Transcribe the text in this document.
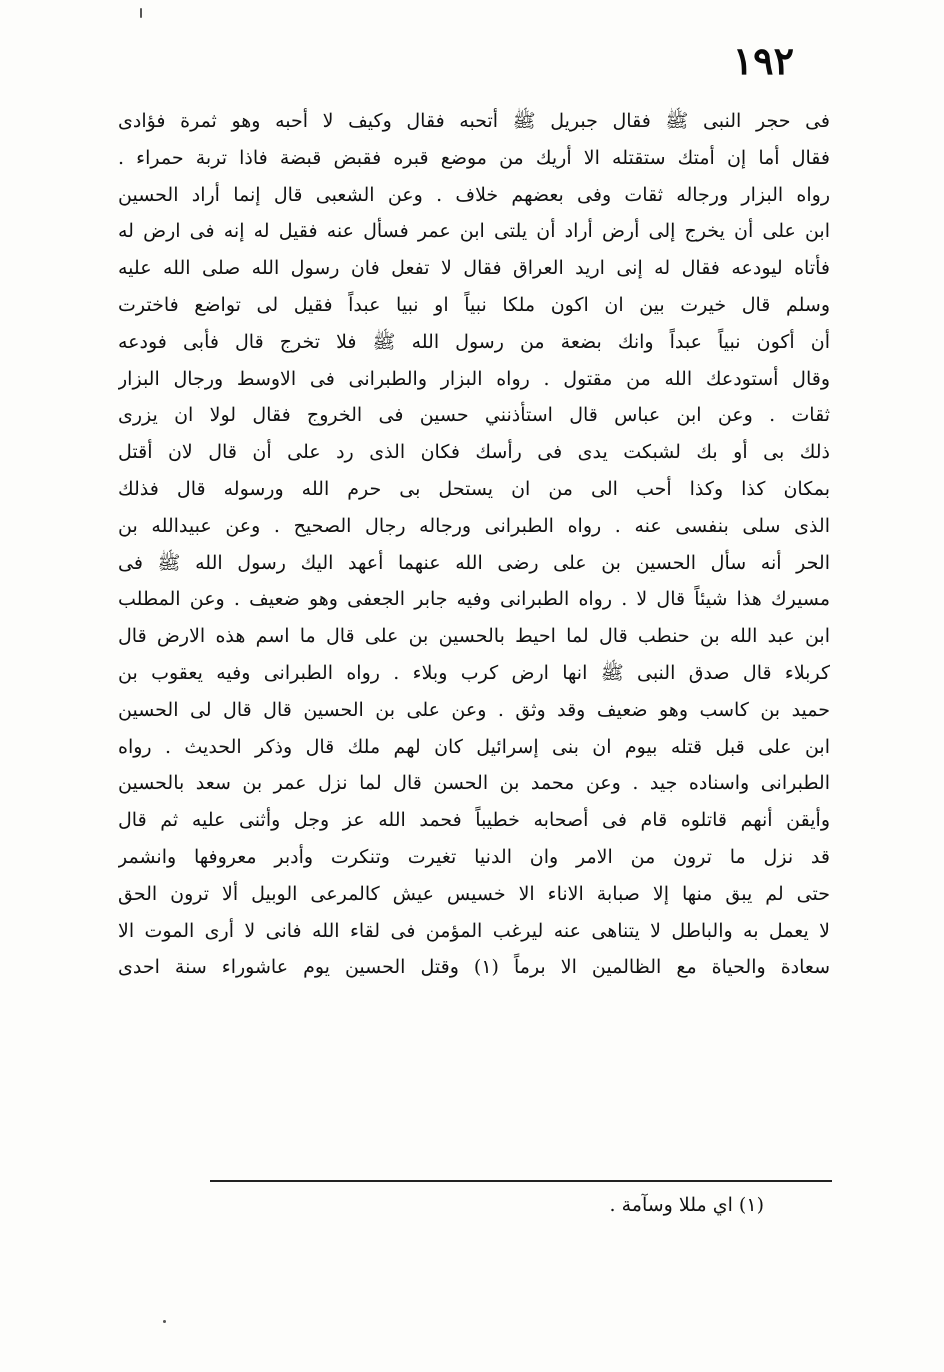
١٩٢
فى حجر النبى ﷺ فقال جبريل ﷺ أتحبه فقال وكيف لا أحبه وهو ثمرة فؤادى
فقال أما إن أمتك ستقتله الا أريك من موضع قبره فقبض قبضة فاذا تربة حمراء .
رواه البزار ورجاله ثقات وفى بعضهم خلاف . وعن الشعبى قال إنما أراد الحسين
ابن على أن يخرج إلى أرض أراد أن يلتى ابن عمر فسأل عنه فقيل له إنه فى ارض له
فأتاه ليودعه فقال له إنى اريد العراق فقال لا تفعل فان رسول الله صلى الله عليه
وسلم قال خيرت بين ان اكون ملكا نبياً او نبيا عبداً فقيل لى تواضع فاخترت
أن أكون نبياً عبداً وانك بضعة من رسول الله ﷺ فلا تخرج قال فأبى فودعه
وقال أستودعك الله من مقتول . رواه البزار والطبرانى فى الاوسط ورجال البزار
ثقات . وعن ابن عباس قال استأذنني حسين فى الخروج فقال لولا ان يزرى
ذلك بى أو بك لشبكت يدى فى رأسك فكان الذى رد على أن قال لان أقتل
بمكان كذا وكذا أحب الى من ان يستحل بى حرم الله ورسوله قال فذلك
الذى سلى بنفسى عنه . رواه الطبرانى ورجاله رجال الصحيح . وعن عبيدالله بن
الحر أنه سأل الحسين بن على رضى الله عنهما أعهد اليك رسول الله ﷺ فى
مسيرك هذا شيئاً قال لا . رواه الطبرانى وفيه جابر الجعفى وهو ضعيف . وعن المطلب
ابن عبد الله بن حنطب قال لما احيط بالحسين بن على قال ما اسم هذه الارض قال
كربلاء قال صدق النبى ﷺ انها ارض كرب وبلاء . رواه الطبرانى وفيه يعقوب بن
حميد بن كاسب وهو ضعيف وقد وثق . وعن على بن الحسين قال قال لى الحسين
ابن على قبل قتله بيوم ان بنى إسرائيل كان لهم ملك قال وذكر الحديث . رواه
الطبرانى واسناده جيد . وعن محمد بن الحسن قال لما نزل عمر بن سعد بالحسين
وأيقن أنهم قاتلوه قام فى أصحابه خطيباً فحمد الله عز وجل وأثنى عليه ثم قال
قد نزل ما ترون من الامر وان الدنيا تغيرت وتنكرت وأدبر معروفها وانشمر
حتى لم يبق منها إلا صبابة الاناء الا خسيس عيش كالمرعى الوبيل ألا ترون الحق
لا يعمل به والباطل لا يتناهى عنه ليرغب المؤمن فى لقاء الله فانى لا أرى الموت الا
سعادة والحياة مع الظالمين الا برماً (١) وقتل الحسين يوم عاشوراء سنة احدى
(١) اي مللا وسآمة .
